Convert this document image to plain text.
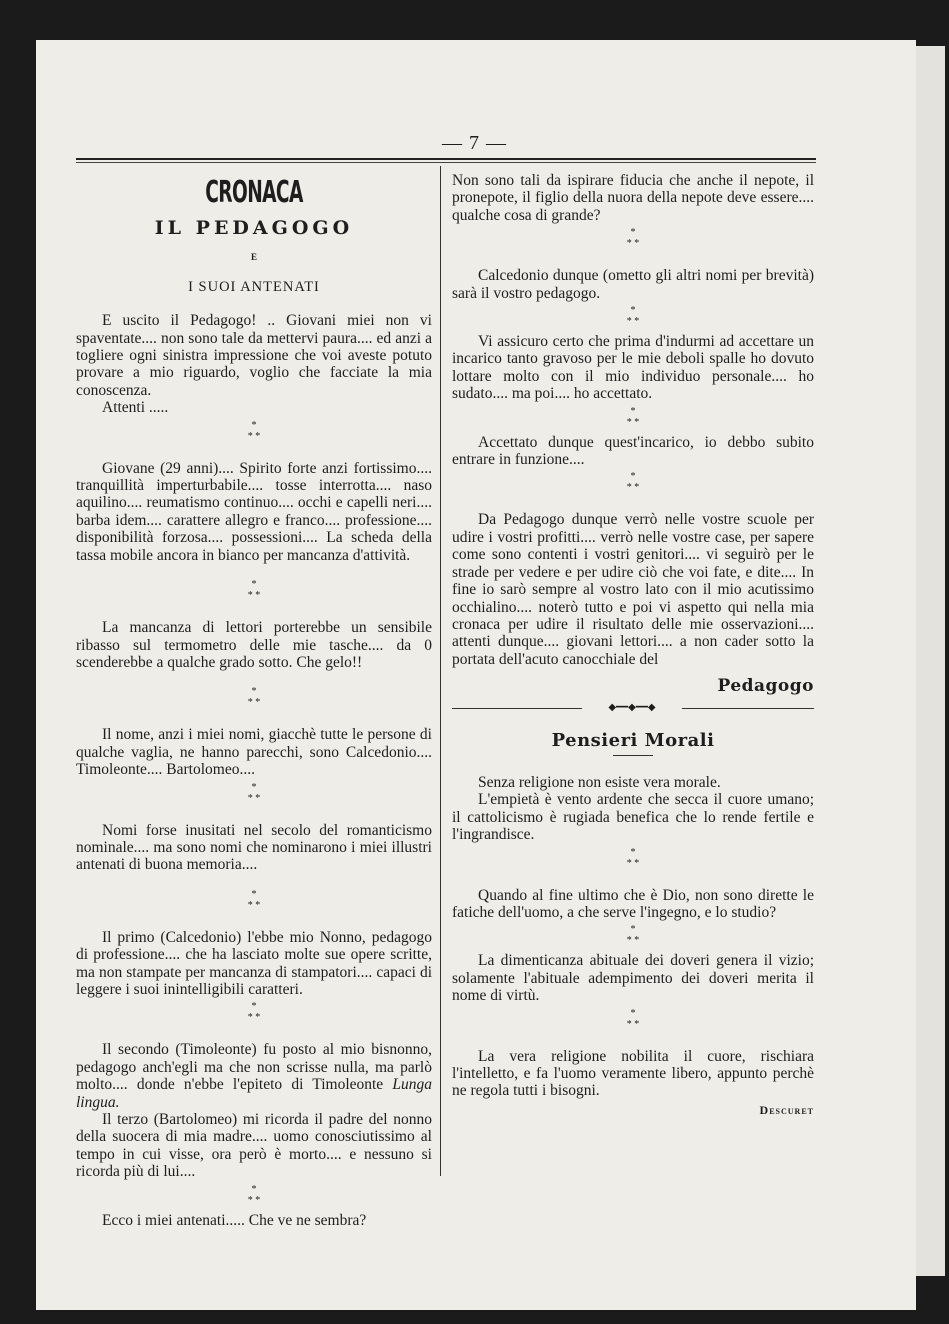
— 7 —
CRONACA
IL PEDAGOGO
E
I SUOI ANTENATI

E uscito il Pedagogo! .. Giovani miei non vi spaventate.... non sono tale da mettervi paura.... ed anzi a togliere ogni sinistra impressione che voi aveste potuto provare a mio riguardo, voglio che facciate la mia conoscenza.

Attenti .....

*
* *

Giovane (29 anni).... Spirito forte anzi fortissimo.... tranquillità imperturbabile.... tosse interrotta.... naso aquilino.... reumatismo continuo.... occhi e capelli neri.... barba idem.... carattere allegro e franco.... professione.... disponibilità forzosa.... possessioni.... La scheda della tassa mobile ancora in bianco per mancanza d'attività.

*
* *

La mancanza di lettori porterebbe un sensibile ribasso sul termometro delle mie tasche.... da 0 scenderebbe a qualche grado sotto. Che gelo!!

*
* *

Il nome, anzi i miei nomi, giacchè tutte le persone di qualche vaglia, ne hanno parecchi, sono Calcedonio.... Timoleonte.... Bartolomeo....

*
* *

Nomi forse inusitati nel secolo del romanticismo nominale.... ma sono nomi che nominarono i miei illustri antenati di buona memoria....

*
* *

Il primo (Calcedonio) l'ebbe mio Nonno, pedagogo di professione.... che ha lasciato molte sue opere scritte, ma non stampate per mancanza di stampatori.... capaci di leggere i suoi inintelligibili caratteri.

*
* *

Il secondo (Timoleonte) fu posto al mio bisnonno, pedagogo anch'egli ma che non scrisse nulla, ma parlò molto.... donde n'ebbe l'epiteto di Timoleonte Lunga lingua.

Il terzo (Bartolomeo) mi ricorda il padre del nonno della suocera di mia madre.... uomo conosciutissimo al tempo in cui visse, ora però è morto.... e nessuno si ricorda più di lui....

*
* *

Ecco i miei antenati..... Che ve ne sembra?

Non sono tali da ispirare fiducia che anche il nepote, il pronepote, il figlio della nuora della nepote deve essere.... qualche cosa di grande?

*
* *

Calcedonio dunque (ometto gli altri nomi per brevità) sarà il vostro pedagogo.

*
* *

Vi assicuro certo che prima d'indurmi ad accettare un incarico tanto gravoso per le mie deboli spalle ho dovuto lottare molto con il mio individuo personale.... ho sudato.... ma poi.... ho accettato.

*
* *

Accettato dunque quest'incarico, io debbo subito entrare in funzione....

*
* *

Da Pedagogo dunque verrò nelle vostre scuole per udire i vostri profitti.... verrò nelle vostre case, per sapere come sono contenti i vostri genitori.... vi seguirò per le strade per vedere e per udire ciò che voi fate, e dite.... In fine io sarò sempre al vostro lato con il mio acutissimo occhialino.... noterò tutto e poi vi aspetto qui nella mia cronaca per udire il risultato delle mie osservazioni.... attenti dunque.... giovani lettori.... a non cader sotto la portata dell'acuto canocchiale del

Pedagogo
◆━━◆━━◆
Pensieri Morali

Senza religione non esiste vera morale.

L'empietà è vento ardente che secca il cuore umano; il cattolicismo è rugiada benefica che lo rende fertile e l'ingrandisce.

*
* *

Quando al fine ultimo che è Dio, non sono dirette le fatiche dell'uomo, a che serve l'ingegno, e lo studio?

*
* *

La dimenticanza abituale dei doveri genera il vizio; solamente l'abituale adempimento dei doveri merita il nome di virtù.

*
* *

La vera religione nobilita il cuore, rischiara l'intelletto, e fa l'uomo veramente libero, appunto perchè ne regola tutti i bisogni.

Descuret
